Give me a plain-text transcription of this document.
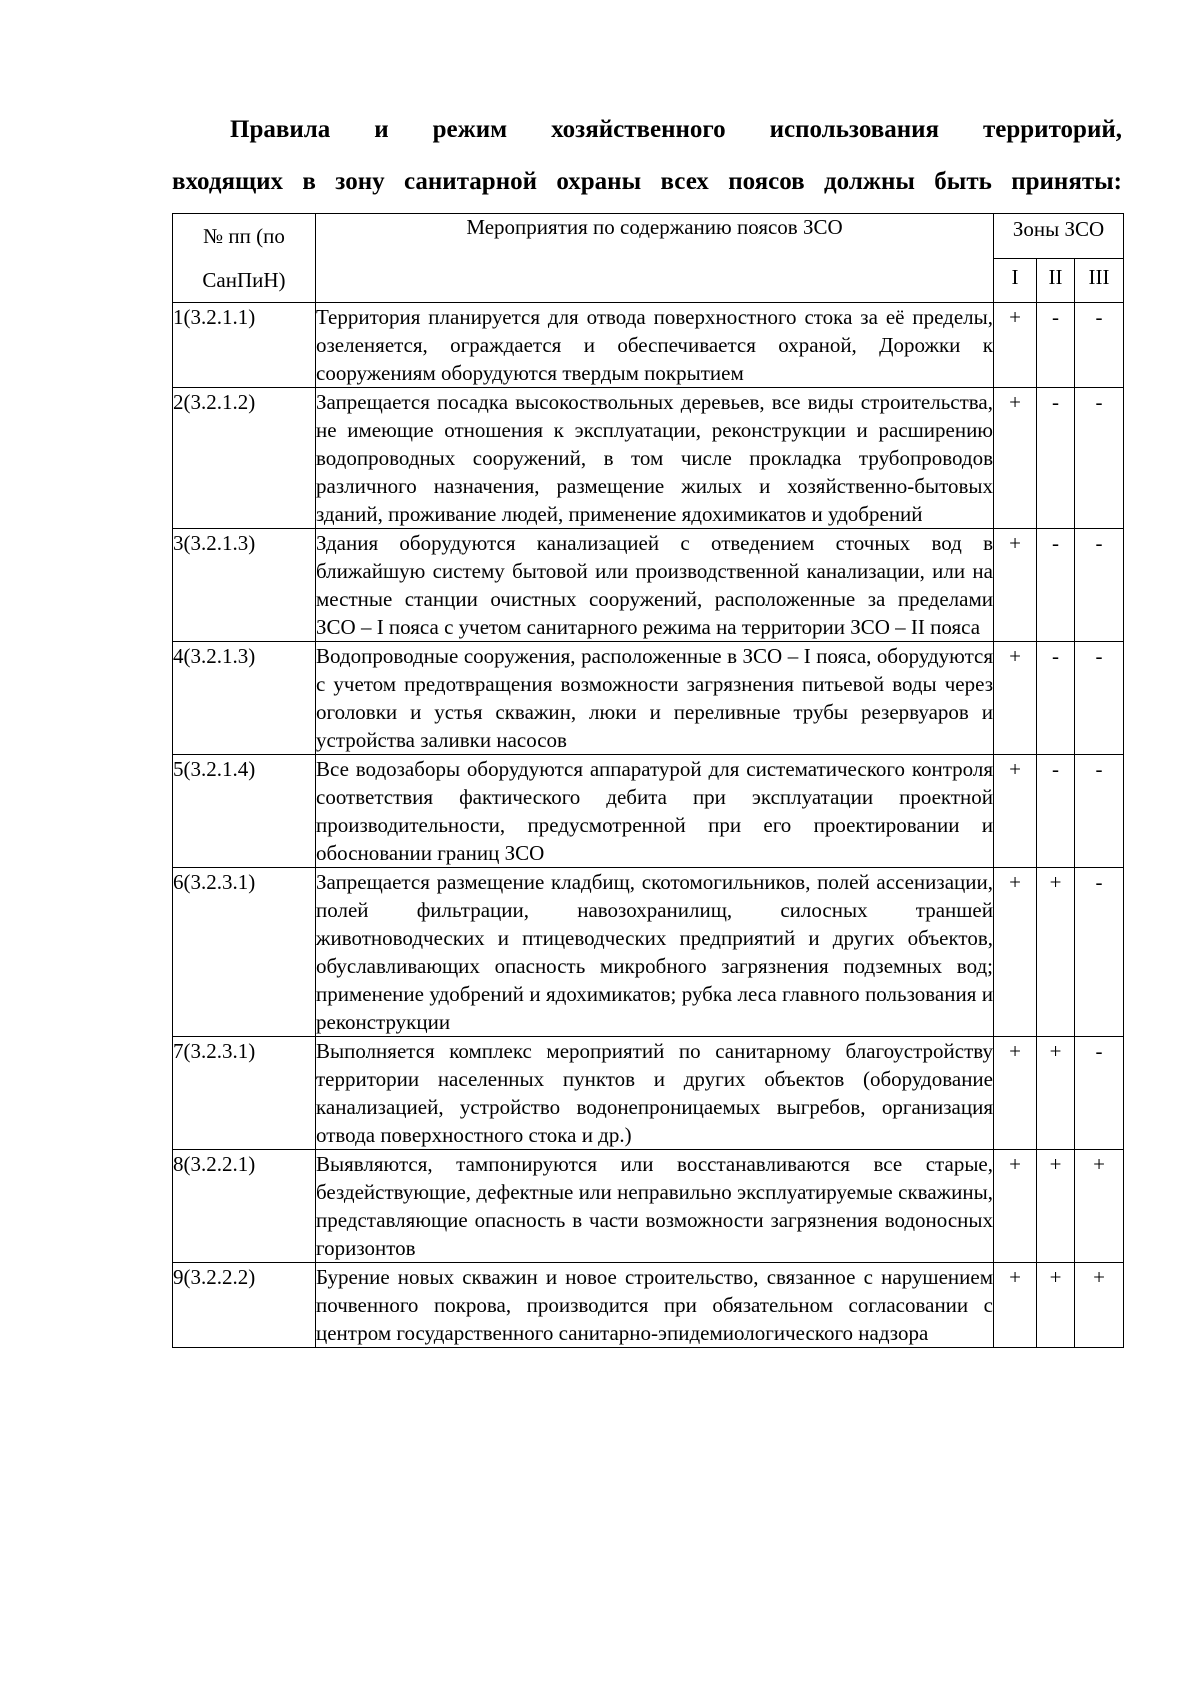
Правила и режим хозяйственного использования территорий,
входящих в зону санитарной охраны всех поясов должны быть приняты:
№ пп (по СанПиН)	Мероприятия по содержанию поясов ЗСО	Зоны ЗСО		
		I	II	III
1(3.2.1.1)	Территория планируется для отвода поверхностного стока за её пределы, озеленяется, ограждается и обеспечивается охраной, Дорожки к сооружениям оборудуются твердым покрытием	+	-	-
2(3.2.1.2)	Запрещается посадка высокоствольных деревьев, все виды строительства, не имеющие отношения к эксплуатации, реконструкции и расширению водопроводных сооружений, в том числе прокладка трубопроводов различного назначения, размещение жилых и хозяйственно-бытовых зданий, проживание людей, применение ядохимикатов и удобрений	+	-	-
3(3.2.1.3)	Здания оборудуются канализацией с отведением сточных вод в ближайшую систему бытовой или производственной канализации, или на местные станции очистных сооружений, расположенные за пределами ЗСО – I пояса с учетом санитарного режима на территории ЗСО – II пояса	+	-	-
4(3.2.1.3)	Водопроводные сооружения, расположенные в ЗСО – I пояса, оборудуются с учетом предотвращения возможности загрязнения питьевой воды через оголовки и устья скважин, люки и переливные трубы резервуаров и устройства заливки насосов	+	-	-
5(3.2.1.4)	Все водозаборы оборудуются аппаратурой для систематического контроля соответствия фактического дебита при эксплуатации проектной производительности, предусмотренной при его проектировании и обосновании границ ЗСО	+	-	-
6(3.2.3.1)	Запрещается размещение кладбищ, скотомогильников, полей ассенизации, полей фильтрации, навозохранилищ, силосных траншей животноводческих и птицеводческих предприятий и других объектов, обуславливающих опасность микробного загрязнения подземных вод; применение удобрений и ядохимикатов; рубка леса главного пользования и реконструкции	+	+	-
7(3.2.3.1)	Выполняется комплекс мероприятий по санитарному благоустройству территории населенных пунктов и других объектов (оборудование канализацией, устройство водонепроницаемых выгребов, организация отвода поверхностного стока и др.)	+	+	-
8(3.2.2.1)	Выявляются, тампонируются или восстанавливаются все старые, бездействующие, дефектные или неправильно эксплуатируемые скважины, представляющие опасность в части возможности загрязнения водоносных горизонтов	+	+	+
9(3.2.2.2)	Бурение новых скважин и новое строительство, связанное с нарушением почвенного покрова, производится при обязательном согласовании с центром государственного санитарно-эпидемиологического надзора	+	+	+
